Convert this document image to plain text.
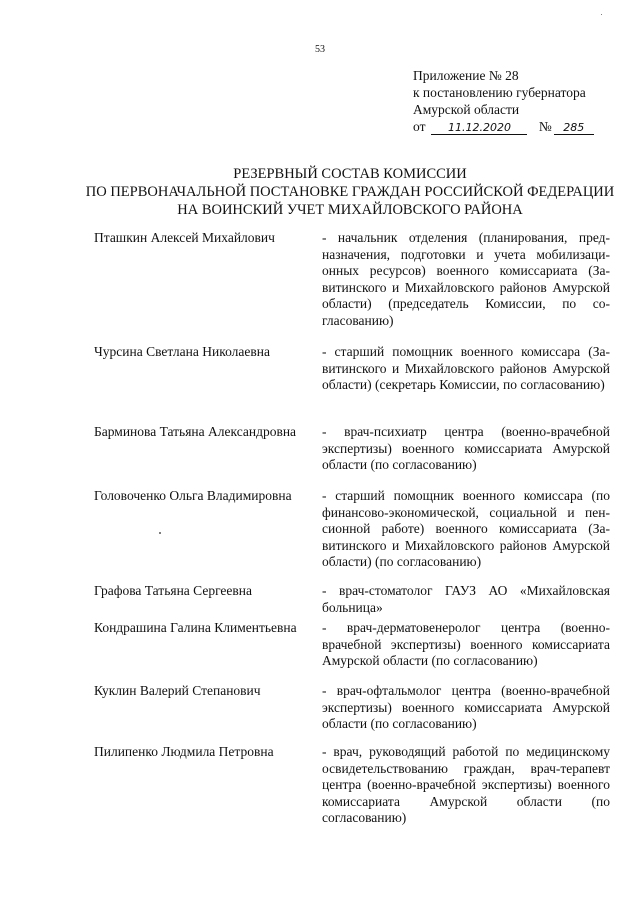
53
Приложение № 28
к постановлению губернатора
Амурской области
от 11.12.2020 № 285
РЕЗЕРВНЫЙ СОСТАВ КОМИССИИ
ПО ПЕРВОНАЧАЛЬНОЙ ПОСТАНОВКЕ ГРАЖДАН РОССИЙСКОЙ ФЕДЕРАЦИИ
НА ВОИНСКИЙ УЧЕТ МИХАЙЛОВСКОГО РАЙОНА
Пташкин Алексей Михайлович	- начальник отделения (планирования, предназначения, подготовки и учета мобилизационных ресурсов) военного комиссариата (Завитинского и Михайловского районов Амурской области) (председатель Комиссии, по согласованию)
Чурсина Светлана Николаевна	- старший помощник военного комиссара (Завитинского и Михайловского районов Амурской области) (секретарь Комиссии, по согласованию)
Барминова Татьяна Александровна	- врач-психиатр центра (военно-врачебной экспертизы) военного комиссариата Амурской области (по согласованию)
Головоченко Ольга Владимировна	- старший помощник военного комиссара (по финансово-экономической, социальной и пенсионной работе) военного комиссариата (Завитинского и Михайловского районов Амурской области) (по согласованию)
Графова Татьяна Сергеевна	- врач-стоматолог ГАУЗ АО «Михайловская больница»
Кондрашина Галина Климентьевна	- врач-дерматовенеролог центра (военно-врачебной экспертизы) военного комиссариата Амурской области (по согласованию)
Куклин Валерий Степанович	- врач-офтальмолог центра (военно-врачебной экспертизы) военного комиссариата Амурской области (по согласованию)
Пилипенко Людмила Петровна	- врач, руководящий работой по медицинскому освидетельствованию граждан, врач-терапевт центра (военно-врачебной экспертизы) военного комиссариата Амурской области (по согласованию)
